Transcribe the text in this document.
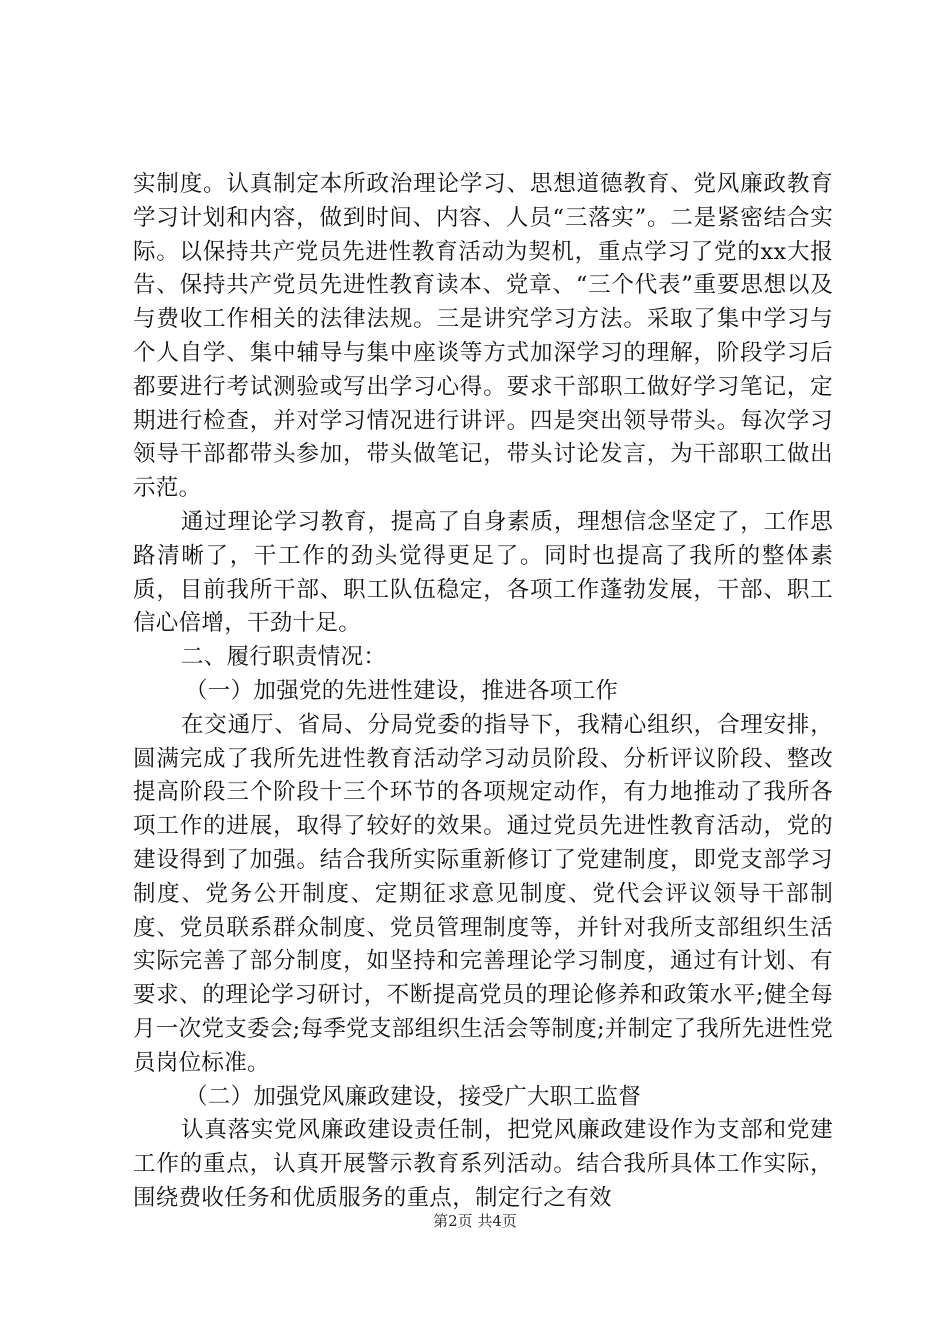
实制度。认真制定本所政治理论学习、思想道德教育、党风廉政教育学习计划和内容，做到时间、内容、人员“三落实”。二是紧密结合实际。以保持共产党员先进性教育活动为契机，重点学习了党的xx大报告、保持共产党员先进性教育读本、党章、“三个代表”重要思想以及与费收工作相关的法律法规。三是讲究学习方法。采取了集中学习与个人自学、集中辅导与集中座谈等方式加深学习的理解，阶段学习后都要进行考试测验或写出学习心得。要求干部职工做好学习笔记，定期进行检查，并对学习情况进行讲评。四是突出领导带头。每次学习领导干部都带头参加，带头做笔记，带头讨论发言，为干部职工做出示范。

通过理论学习教育，提高了自身素质，理想信念坚定了，工作思路清晰了，干工作的劲头觉得更足了。同时也提高了我所的整体素质，目前我所干部、职工队伍稳定，各项工作蓬勃发展，干部、职工信心倍增，干劲十足。

二、履行职责情况：

（一）加强党的先进性建设，推进各项工作

在交通厅、省局、分局党委的指导下，我精心组织，合理安排，圆满完成了我所先进性教育活动学习动员阶段、分析评议阶段、整改提高阶段三个阶段十三个环节的各项规定动作，有力地推动了我所各项工作的进展，取得了较好的效果。通过党员先进性教育活动，党的建设得到了加强。结合我所实际重新修订了党建制度，即党支部学习制度、党务公开制度、定期征求意见制度、党代会评议领导干部制度、党员联系群众制度、党员管理制度等，并针对我所支部组织生活实际完善了部分制度，如坚持和完善理论学习制度，通过有计划、有要求、的理论学习研讨，不断提高党员的理论修养和政策水平;健全每月一次党支委会;每季党支部组织生活会等制度;并制定了我所先进性党员岗位标准。

（二）加强党风廉政建设，接受广大职工监督

认真落实党风廉政建设责任制，把党风廉政建设作为支部和党建工作的重点，认真开展警示教育系列活动。结合我所具体工作实际，围绕费收任务和优质服务的重点，制定行之有效

第2页 共4页
